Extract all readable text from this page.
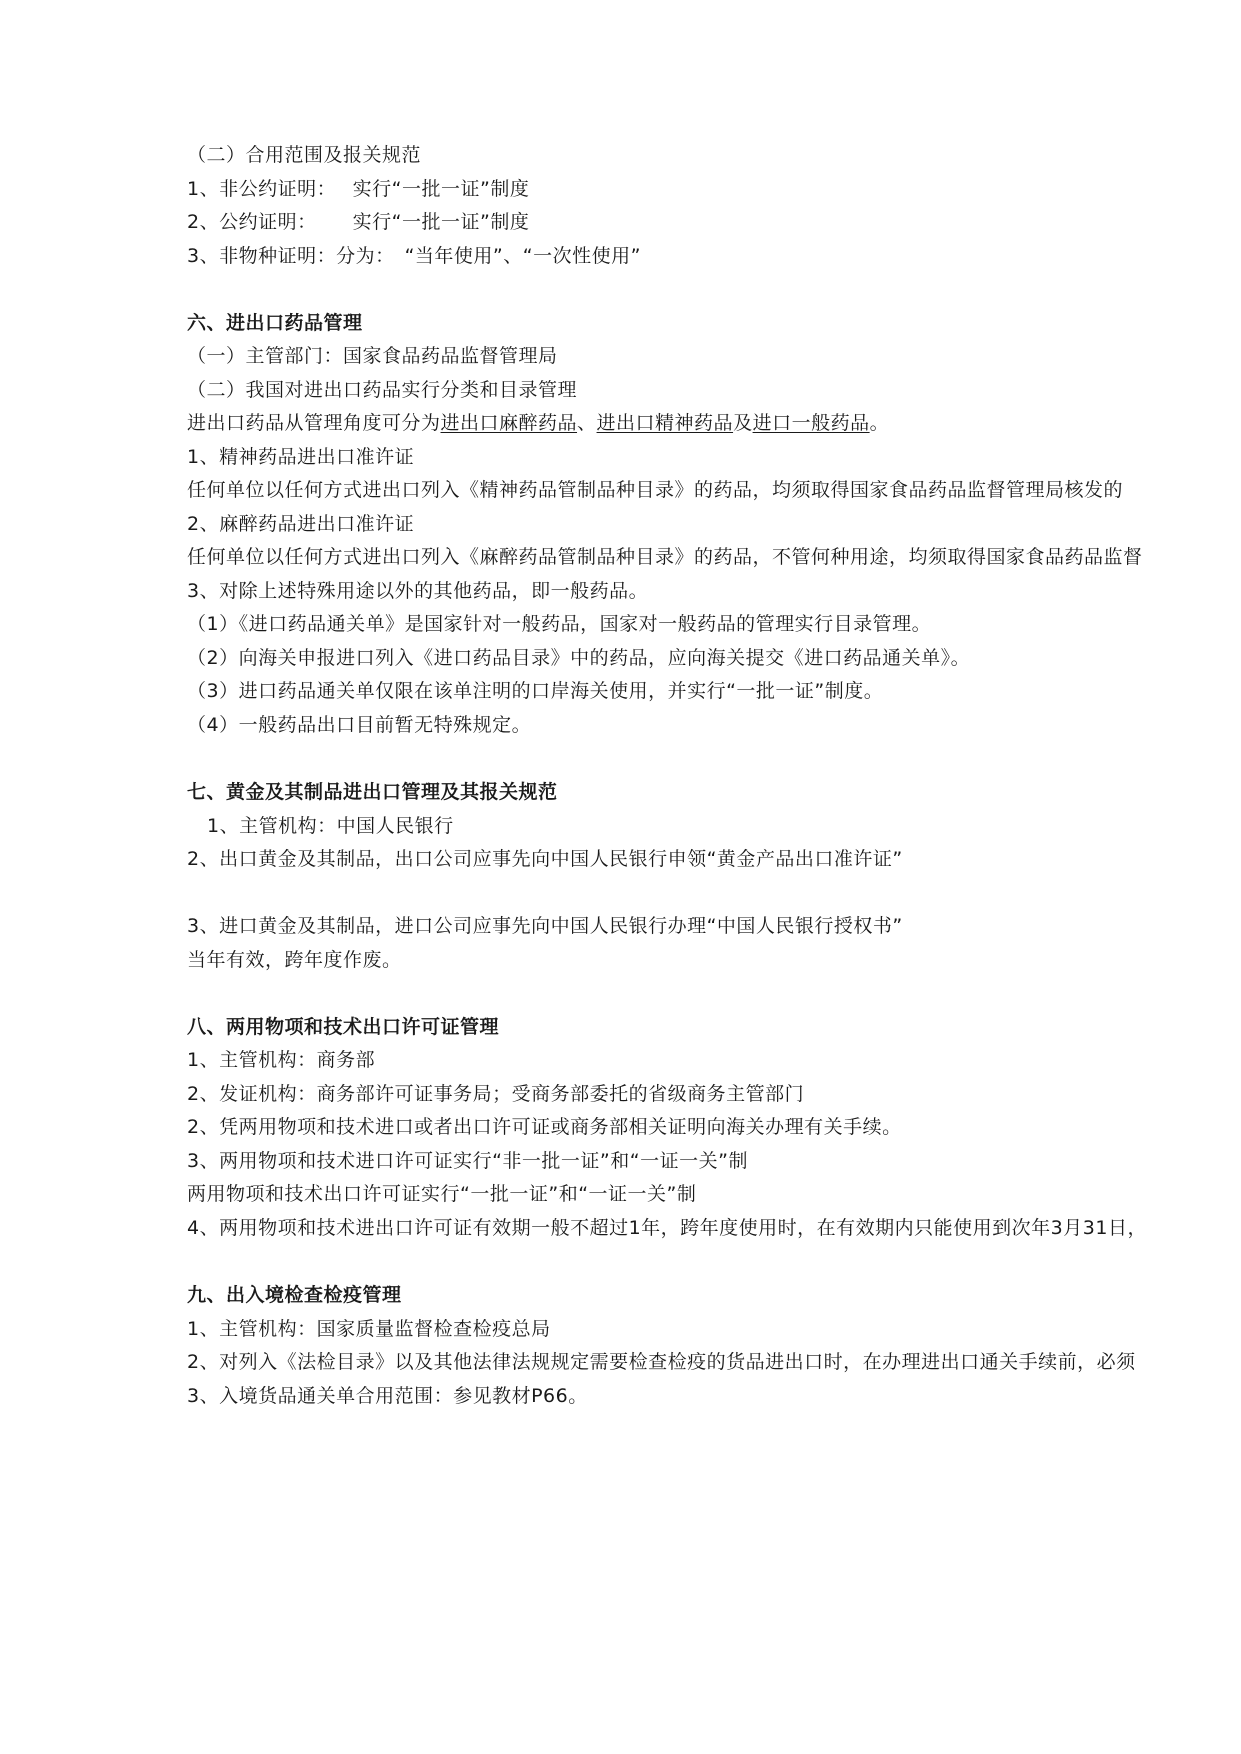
（二）合用范围及报关规范
1、非公约证明：　 实行“一批一证”制度
2、公约证明：　　 实行“一批一证”制度
3、非物种证明：分为：　“当年使用”、“一次性使用”
六、进出口药品管理
（一）主管部门：国家食品药品监督管理局
（二）我国对进出口药品实行分类和目录管理
进出口药品从管理角度可分为进出口麻醉药品、进出口精神药品及进口一般药品。
1、精神药品进出口准许证
任何单位以任何方式进出口列入《精神药品管制品种目录》的药品，均须取得国家食品药品监督管理局核发的
2、麻醉药品进出口准许证
任何单位以任何方式进出口列入《麻醉药品管制品种目录》的药品，不管何种用途，均须取得国家食品药品监督
3、对除上述特殊用途以外的其他药品，即一般药品。
（1）《进口药品通关单》是国家针对一般药品，国家对一般药品的管理实行目录管理。
（2）向海关申报进口列入《进口药品目录》中的药品，应向海关提交《进口药品通关单》。
（3）进口药品通关单仅限在该单注明的口岸海关使用，并实行“一批一证”制度。
（4）一般药品出口目前暂无特殊规定。
七、黄金及其制品进出口管理及其报关规范
1、主管机构：中国人民银行
2、出口黄金及其制品，出口公司应事先向中国人民银行申领“黄金产品出口准许证”
3、进口黄金及其制品，进口公司应事先向中国人民银行办理“中国人民银行授权书”
当年有效，跨年度作废。
八、两用物项和技术出口许可证管理
1、主管机构：商务部
2、发证机构：商务部许可证事务局；受商务部委托的省级商务主管部门
2、凭两用物项和技术进口或者出口许可证或商务部相关证明向海关办理有关手续。
3、两用物项和技术进口许可证实行“非一批一证”和“一证一关”制
两用物项和技术出口许可证实行“一批一证”和“一证一关”制
4、两用物项和技术进出口许可证有效期一般不超过1年，跨年度使用时，在有效期内只能使用到次年3月31日，
九、出入境检查检疫管理
1、主管机构：国家质量监督检查检疫总局
2、对列入《法检目录》以及其他法律法规规定需要检查检疫的货品进出口时，在办理进出口通关手续前，必须
3、入境货品通关单合用范围：参见教材P66。
